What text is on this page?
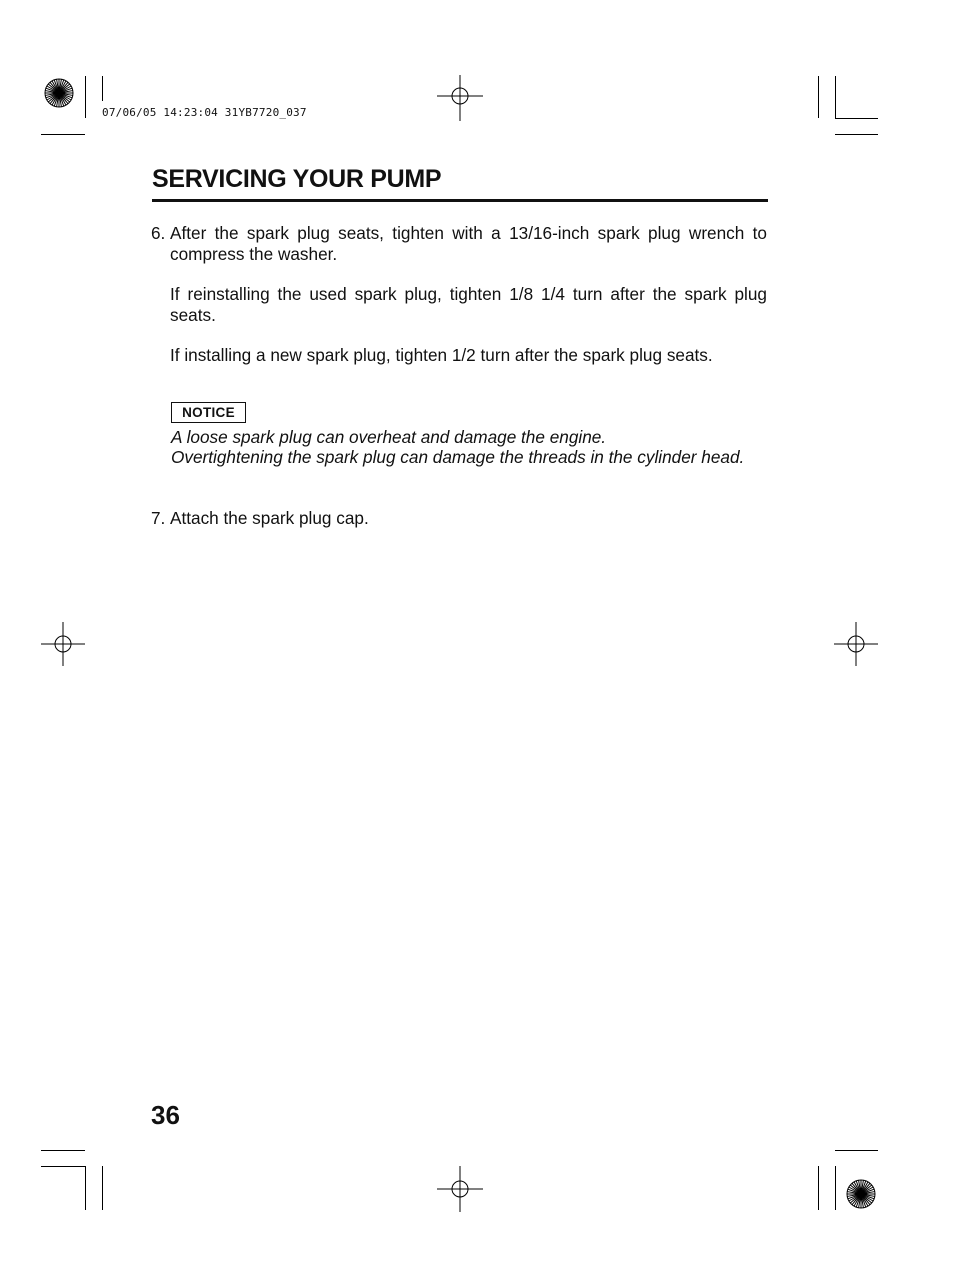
07/06/05 14:23:04 31YB7720_037
SERVICING YOUR PUMP
6. After the spark plug seats, tighten with a 13/16-inch spark plug wrench to compress the washer.
If reinstalling the used spark plug, tighten 1/8 1/4 turn after the spark plug seats.
If installing a new spark plug, tighten 1/2 turn after the spark plug seats.
NOTICE
A loose spark plug can overheat and damage the engine.
Overtightening the spark plug can damage the threads in the cylinder head.
7. Attach the spark plug cap.
36
